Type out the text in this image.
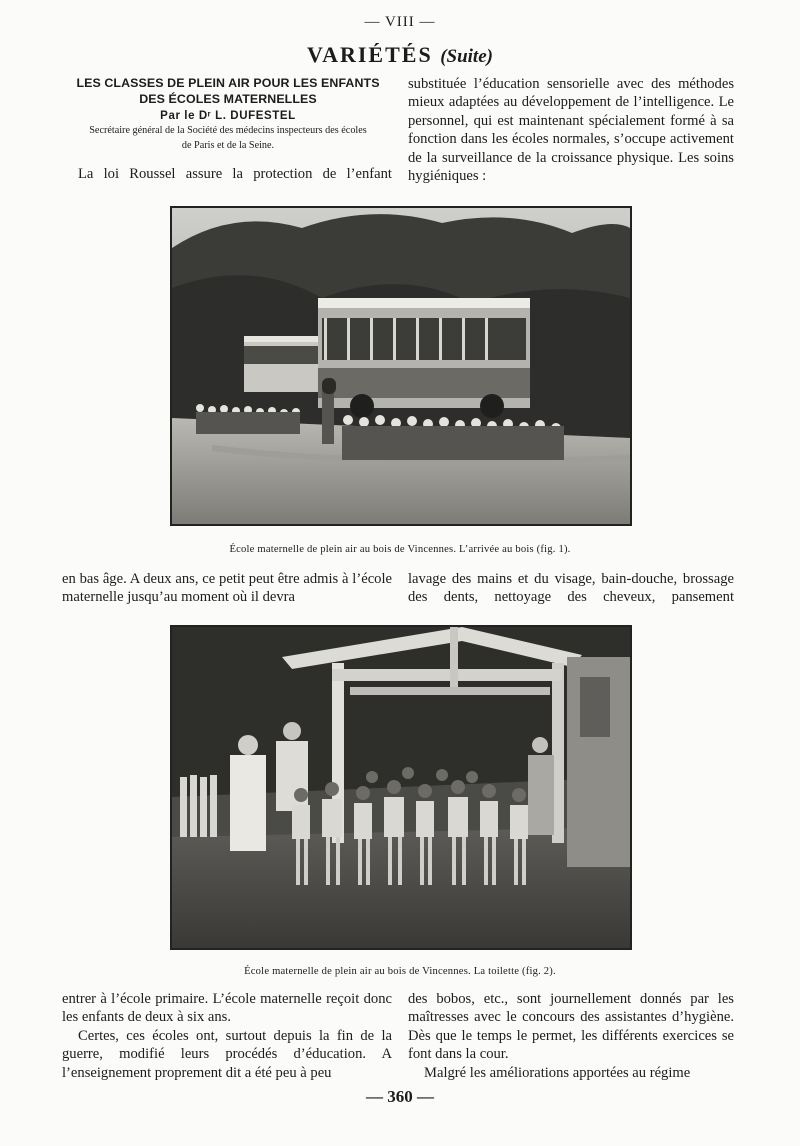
— VIII —
VARIÉTÉS (Suite)
LES CLASSES DE PLEIN AIR POUR LES ENFANTS
DES ÉCOLES MATERNELLES
Par le Dʳ L. DUFESTEL
Secrétaire général de la Société des médecins inspecteurs des écoles
de Paris et de la Seine.

La loi Roussel assure la protection de l’enfant

substituée l’éducation sensorielle avec des méthodes mieux adaptées au développement de l’intelligence. Le personnel, qui est maintenant spécialement formé à sa fonction dans les écoles normales, s’occupe activement de la surveillance de la croissance physique. Les soins hygiéniques :

École maternelle de plein air au bois de Vincennes. L’arrivée au bois (fig. 1).

en bas âge. A deux ans, ce petit peut être admis à l’école maternelle jusqu’au moment où il devra

lavage des mains et du visage, bain-douche, brossage des dents, nettoyage des cheveux, pansement

École maternelle de plein air au bois de Vincennes. La toilette (fig. 2).

entrer à l’école primaire. L’école maternelle reçoit donc les enfants de deux à six ans.

Certes, ces écoles ont, surtout depuis la fin de la guerre, modifié leurs procédés d’éducation. A l’enseignement proprement dit a été peu à peu

des bobos, etc., sont journellement donnés par les maîtresses avec le concours des assistantes d’hygiène. Dès que le temps le permet, les différents exercices se font dans la cour.

Malgré les améliorations apportées au régime

— 360 —
